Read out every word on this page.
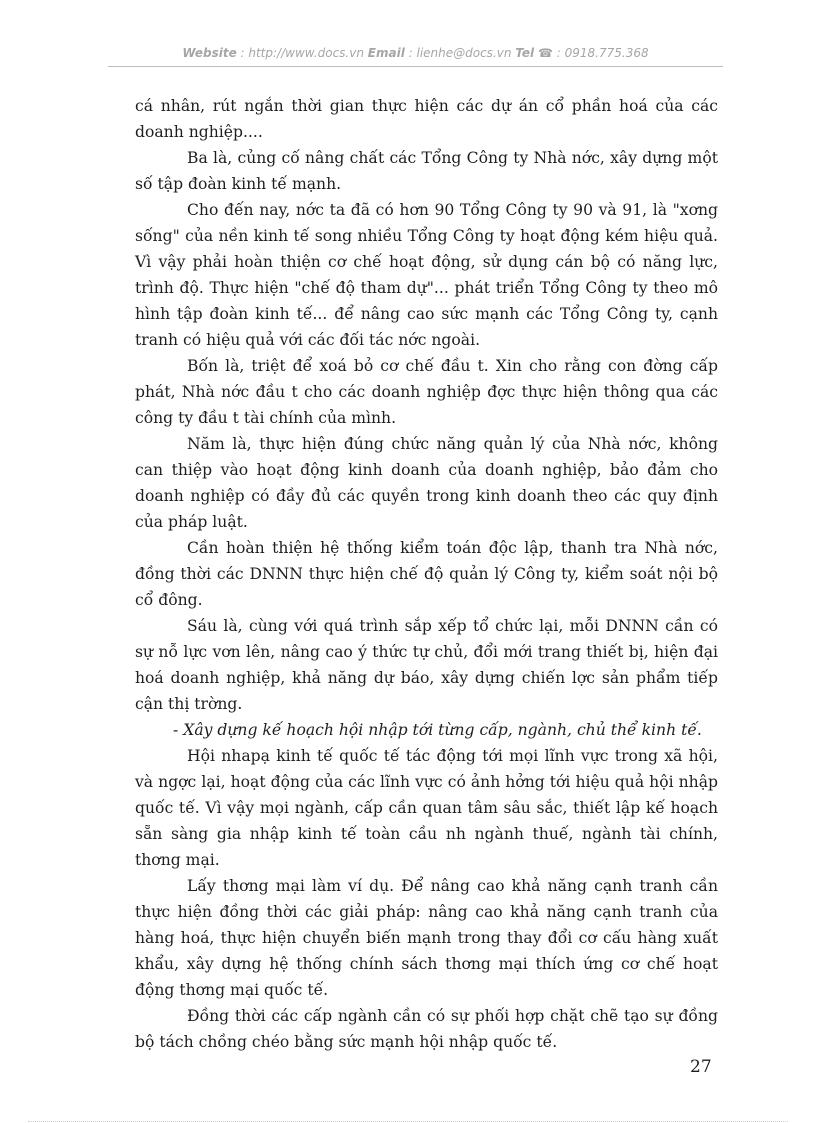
Website : http://www.docs.vn Email : lienhe@docs.vn Tel ☎ : 0918.775.368

cá nhân, rút ngắn thời gian thực hiện các dự án cổ phần hoá của các doanh nghiệp....

Ba là, củng cố nâng chất các Tổng Công ty Nhà nớc, xây dựng một số tập đoàn kinh tế mạnh.

Cho đến nay, nớc ta đã có hơn 90 Tổng Công ty 90 và 91, là "xơng sống" của nền kinh tế song nhiều Tổng Công ty hoạt động kém hiệu quả. Vì vậy phải hoàn thiện cơ chế hoạt động, sử dụng cán bộ có năng lực, trình độ. Thực hiện "chế độ tham dự"... phát triển Tổng Công ty theo mô hình tập đoàn kinh tế... để nâng cao sức mạnh các Tổng Công ty, cạnh tranh có hiệu quả với các đối tác nớc ngoài.

Bốn là, triệt để xoá bỏ cơ chế đầu t. Xin cho rằng con đờng cấp phát, Nhà nớc đầu t cho các doanh nghiệp đợc thực hiện thông qua các công ty đầu t tài chính của mình.

Năm là, thực hiện đúng chức năng quản lý của Nhà nớc, không can thiệp vào hoạt động kinh doanh của doanh nghiệp, bảo đảm cho doanh nghiệp có đầy đủ các quyền trong kinh doanh theo các quy định của pháp luật.

Cần hoàn thiện hệ thống kiểm toán độc lập, thanh tra Nhà nớc, đồng thời các DNNN thực hiện chế độ quản lý Công ty, kiểm soát nội bộ cổ đông.

Sáu là, cùng với quá trình sắp xếp tổ chức lại, mỗi DNNN cần có sự nỗ lực vơn lên, nâng cao ý thức tự chủ, đổi mới trang thiết bị, hiện đại hoá doanh nghiệp, khả năng dự báo, xây dựng chiến lợc sản phẩm tiếp cận thị trờng.

- Xây dựng kế hoạch hội nhập tới từng cấp, ngành, chủ thể kinh tế.

Hội nhapạ kinh tế quốc tế tác động tới mọi lĩnh vực trong xã hội, và ngợc lại, hoạt động của các lĩnh vực có ảnh hởng tới hiệu quả hội nhập quốc tế. Vì vậy mọi ngành, cấp cần quan tâm sâu sắc, thiết lập kế hoạch sẵn sàng gia nhập kinh tế toàn cầu nh ngành thuế, ngành tài chính, thơng mại.

Lấy thơng mại làm ví dụ. Để nâng cao khả năng cạnh tranh cần thực hiện đồng thời các giải pháp: nâng cao khả năng cạnh tranh của hàng hoá, thực hiện chuyển biến mạnh trong thay đổi cơ cấu hàng xuất khẩu, xây dựng hệ thống chính sách thơng mại thích ứng cơ chế hoạt động thơng mại quốc tế.

Đồng thời các cấp ngành cần có sự phối hợp chặt chẽ tạo sự đồng bộ tách chồng chéo bằng sức mạnh hội nhập quốc tế.

27
